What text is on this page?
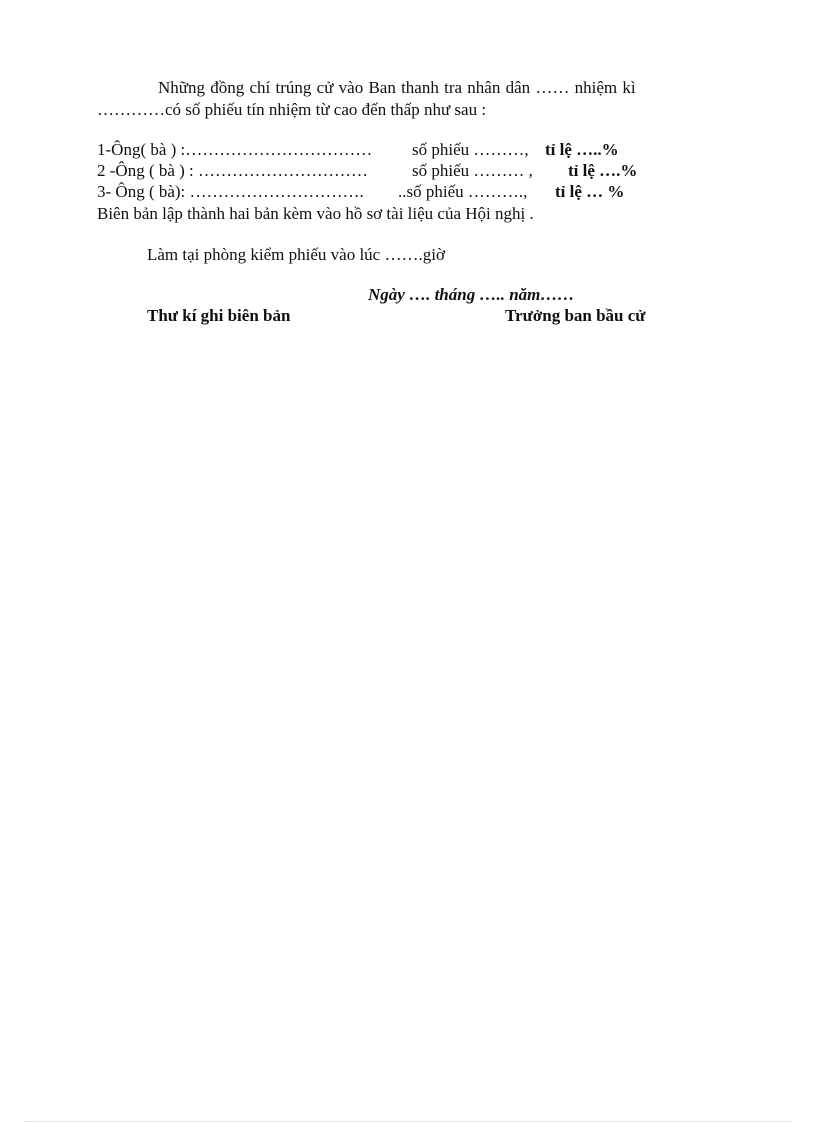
Những đồng chí trúng cử vào Ban thanh tra nhân dân …… nhiệm kì
…………có số phiếu tín nhiệm từ cao đến thấp như sau :
1-Ông( bà ) :…………………………… số phiếu ………, tỉ lệ …..%
2 -Ông ( bà ) : …………………………	số phiếu ……… , tỉ lệ ….%
3- Ông ( bà): …………………………. ..số phiếu ………., tỉ lệ … %
Biên bản lập thành hai bản kèm vào hồ sơ tài liệu của Hội nghị .
Làm tại phòng kiểm phiếu vào lúc …….giờ
Ngày …. tháng ….. năm……
Thư kí ghi biên bản	Trưởng ban bầu cử
